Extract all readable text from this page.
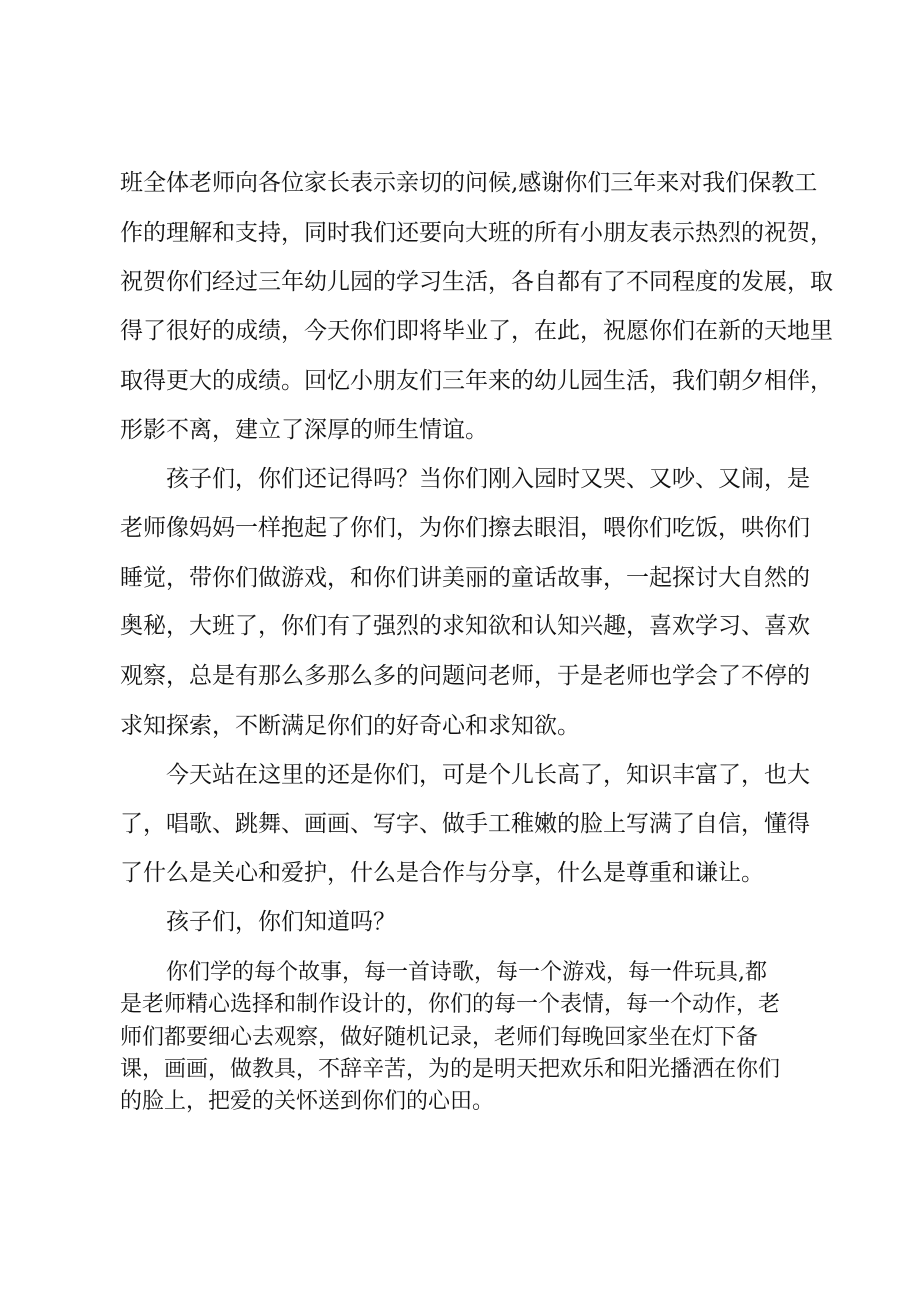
班全体老师向各位家长表示亲切的问候,感谢你们三年来对我们保教工

作的理解和支持，同时我们还要向大班的所有小朋友表示热烈的祝贺，

祝贺你们经过三年幼儿园的学习生活，各自都有了不同程度的发展，取

得了很好的成绩，今天你们即将毕业了，在此，祝愿你们在新的天地里

取得更大的成绩。回忆小朋友们三年来的幼儿园生活，我们朝夕相伴，

形影不离，建立了深厚的师生情谊。

孩子们，你们还记得吗？当你们刚入园时又哭、又吵、又闹，是

老师像妈妈一样抱起了你们，为你们擦去眼泪，喂你们吃饭，哄你们

睡觉，带你们做游戏，和你们讲美丽的童话故事，一起探讨大自然的

奥秘，大班了，你们有了强烈的求知欲和认知兴趣，喜欢学习、喜欢

观察，总是有那么多那么多的问题问老师，于是老师也学会了不停的

求知探索，不断满足你们的好奇心和求知欲。

今天站在这里的还是你们，可是个儿长高了，知识丰富了，也大

了，唱歌、跳舞、画画、写字、做手工稚嫩的脸上写满了自信，懂得

了什么是关心和爱护，什么是合作与分享，什么是尊重和谦让。

孩子们，你们知道吗？

你们学的每个故事，每一首诗歌，每一个游戏，每一件玩具,都

是老师精心选择和制作设计的，你们的每一个表情，每一个动作，老

师们都要细心去观察，做好随机记录，老师们每晚回家坐在灯下备

课，画画，做教具，不辞辛苦，为的是明天把欢乐和阳光播洒在你们

的脸上，把爱的关怀送到你们的心田。
